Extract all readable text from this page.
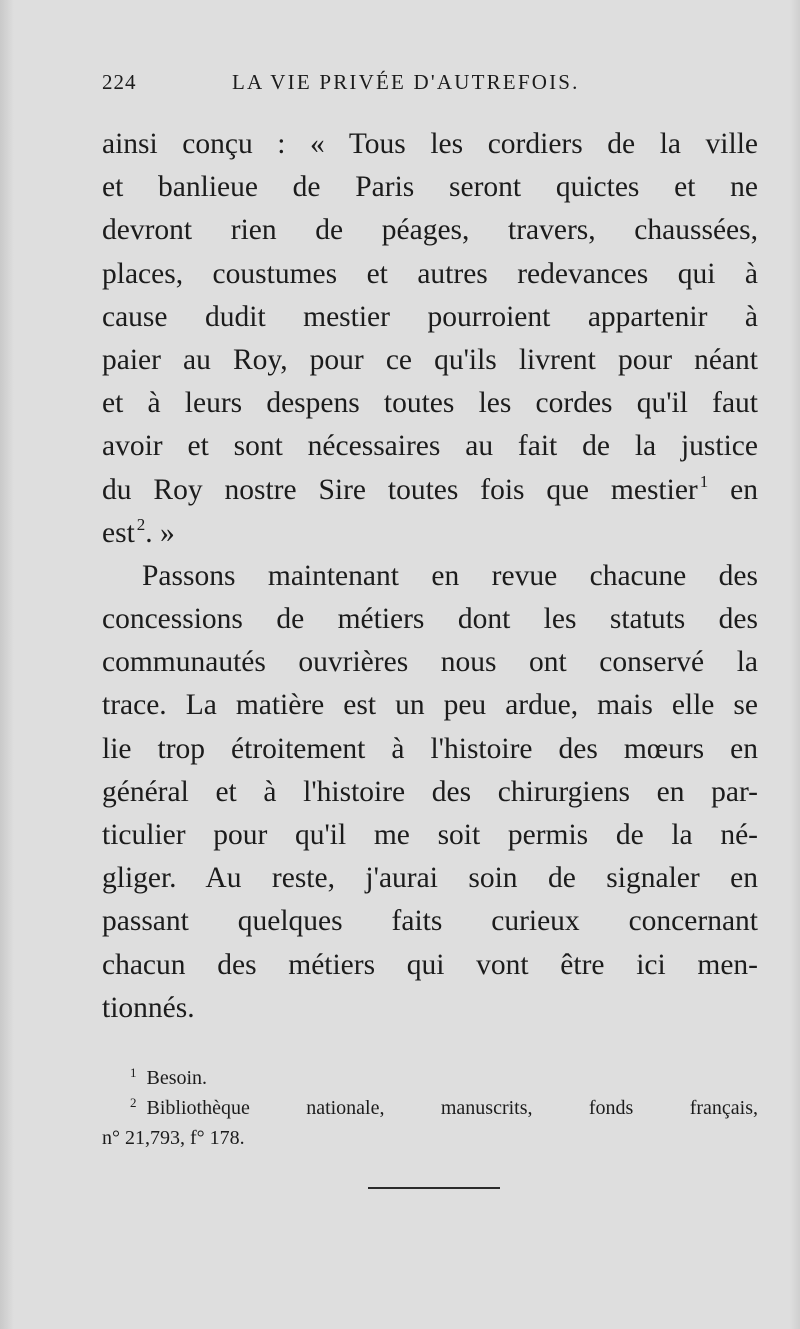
224	LA VIE PRIVÉE D'AUTREFOIS.
ainsi conçu : « Tous les cordiers de la ville
et banlieue de Paris seront quictes et ne
devront rien de péages, travers, chaussées,
places, coustumes et autres redevances qui à
cause dudit mestier pourroient appartenir à
paier au Roy, pour ce qu'ils livrent pour néant
et à leurs despens toutes les cordes qu'il faut
avoir et sont nécessaires au fait de la justice
du Roy nostre Sire toutes fois que mestier $^1$ en
est $^2$. »
Passons maintenant en revue chacune des
concessions de métiers dont les statuts des
communautés ouvrières nous ont conservé la
trace. La matière est un peu ardue, mais elle se
lie trop étroitement à l'histoire des mœurs en
général et à l'histoire des chirurgiens en par-
ticulier pour qu'il me soit permis de la né-
gliger. Au reste, j'aurai soin de signaler en
passant quelques faits curieux concernant
chacun des métiers qui vont être ici men-
tionnés.
$^1$ Besoin.
$^2$ Bibliothèque nationale, manuscrits, fonds français,
n° 21,793, f° 178.
